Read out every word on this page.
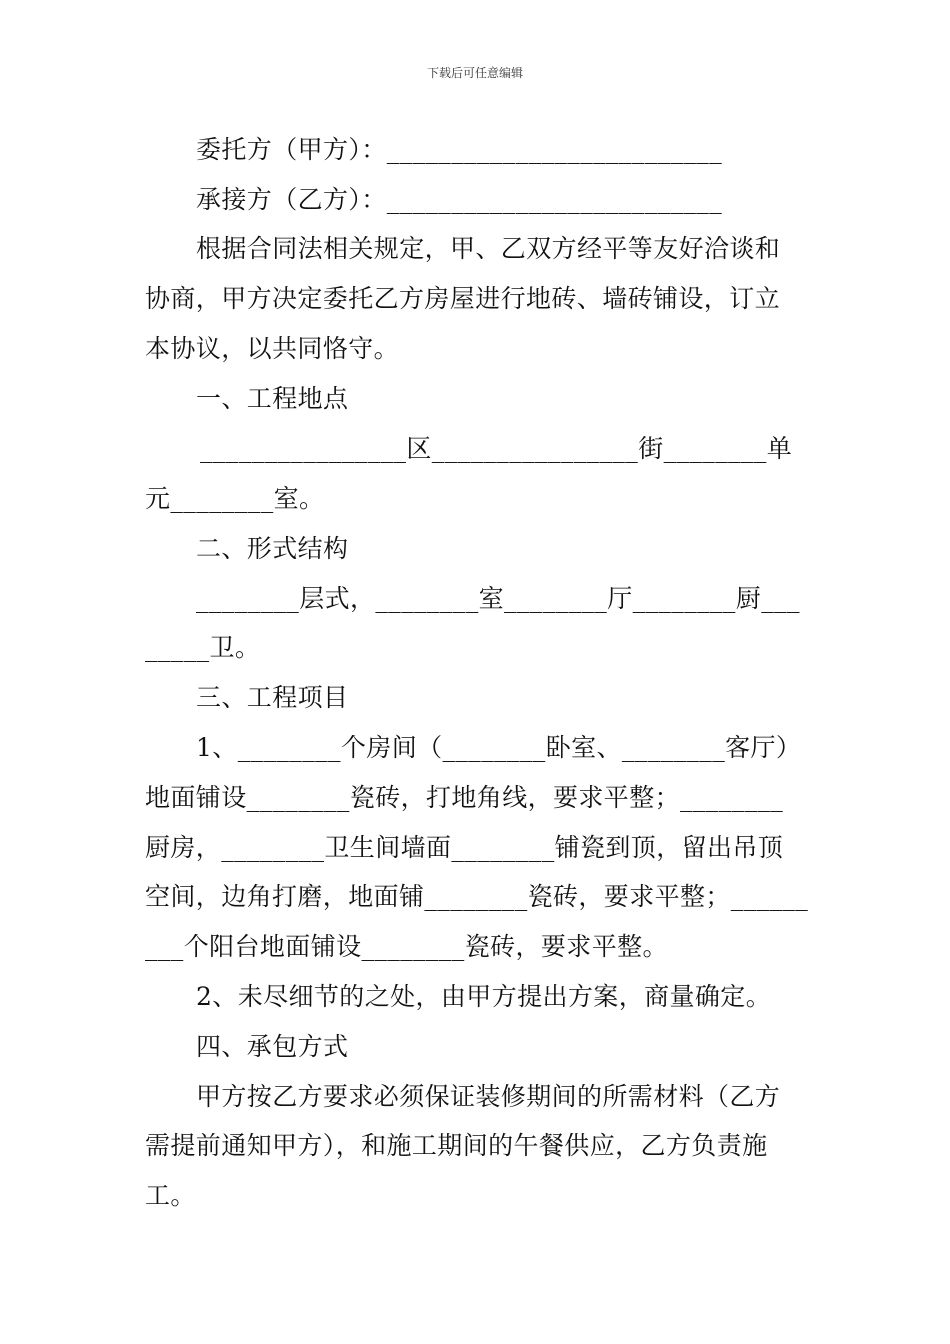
下载后可任意编辑
委托方（甲方）：__________________________
承接方（乙方）：__________________________
根据合同法相关规定，甲、乙双方经平等友好洽谈和
协商，甲方决定委托乙方房屋进行地砖、墙砖铺设，订立
本协议，以共同恪守。
一、工程地点
________________区________________街________单
元________室。
二、形式结构
________层式，________室________厅________厨___
_____卫。
三、工程项目
1、________个房间（________卧室、________客厅）
地面铺设________瓷砖，打地角线，要求平整；________
厨房，________卫生间墙面________铺瓷到顶，留出吊顶
空间，边角打磨，地面铺________瓷砖，要求平整；______
___个阳台地面铺设________瓷砖，要求平整。
2、未尽细节的之处，由甲方提出方案，商量确定。
四、承包方式
甲方按乙方要求必须保证装修期间的所需材料（乙方
需提前通知甲方），和施工期间的午餐供应，乙方负责施
工。
